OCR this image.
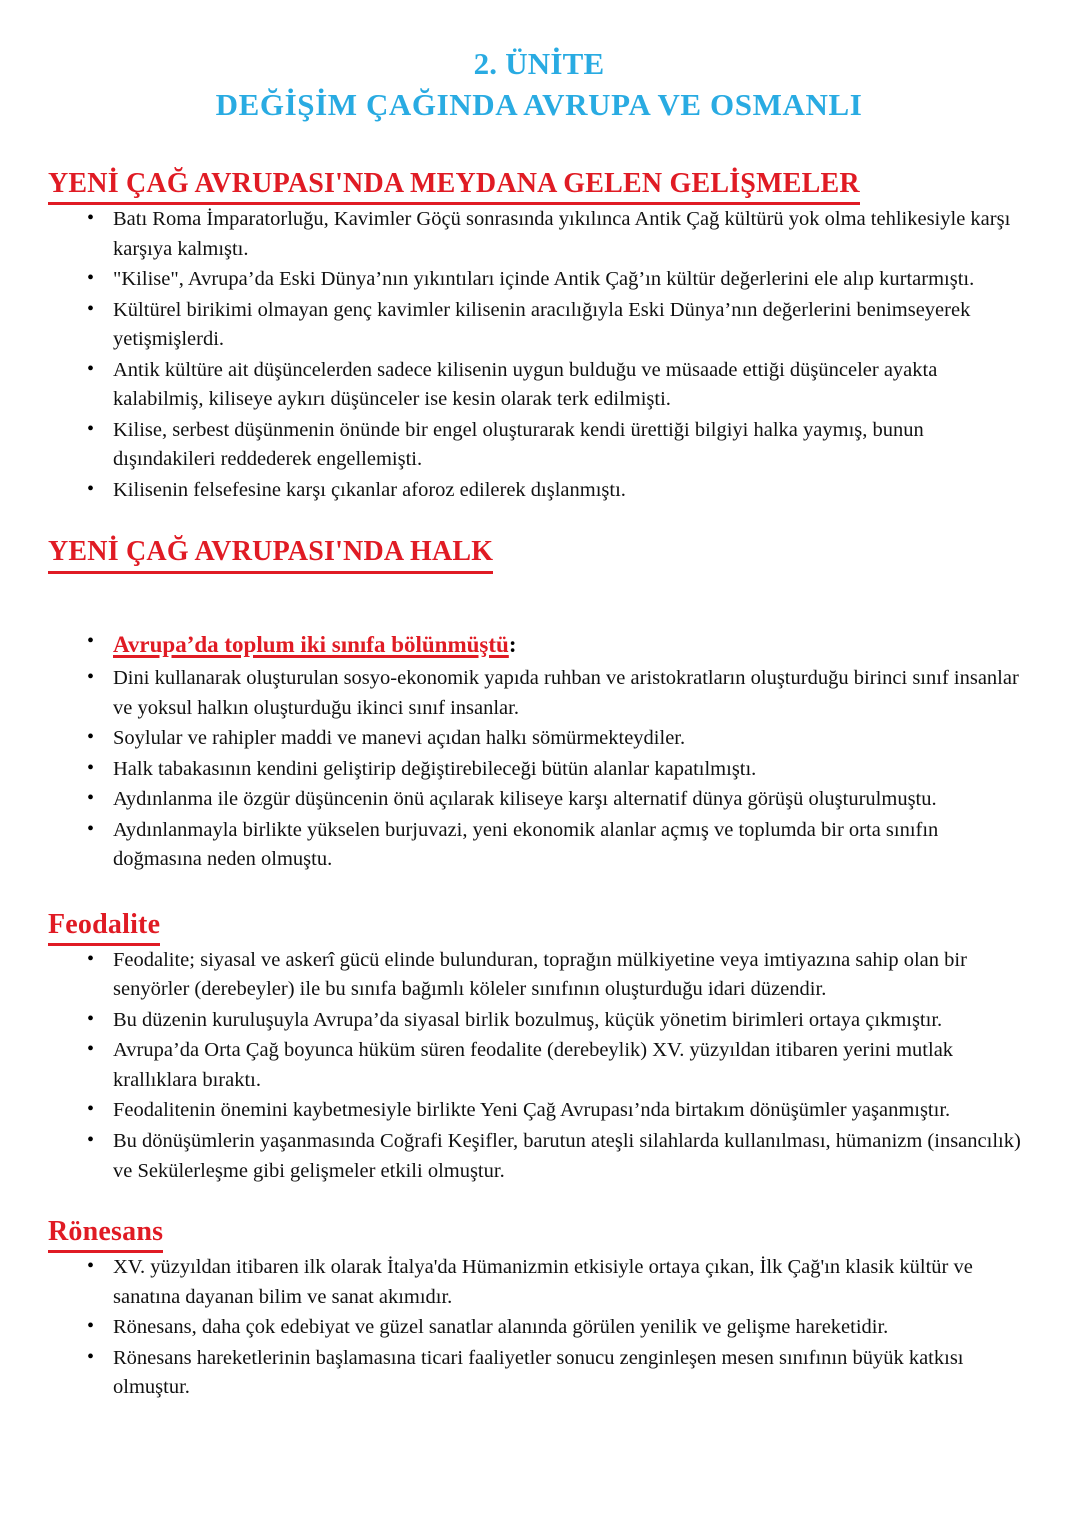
2. ÜNİTE
DEĞİŞİM ÇAĞINDA AVRUPA VE OSMANLI
YENİ ÇAĞ AVRUPASI'NDA MEYDANA GELEN GELİŞMELER
• Batı Roma İmparatorluğu, Kavimler Göçü sonrasında yıkılınca Antik Çağ kültürü yok olma tehlikesiyle karşı karşıya kalmıştı.
• "Kilise", Avrupa’da Eski Dünya’nın yıkıntıları içinde Antik Çağ’ın kültür değerlerini ele alıp kurtarmıştı.
• Kültürel birikimi olmayan genç kavimler kilisenin aracılığıyla Eski Dünya’nın değerlerini benimseyerek yetişmişlerdi.
• Antik kültüre ait düşüncelerden sadece kilisenin uygun bulduğu ve müsaade ettiği düşünceler ayakta kalabilmiş, kiliseye aykırı düşünceler ise kesin olarak terk edilmişti.
• Kilise, serbest düşünmenin önünde bir engel oluşturarak kendi ürettiği bilgiyi halka yaymış, bunun dışındakileri reddederek engellemişti.
• Kilisenin felsefesine karşı çıkanlar aforoz edilerek dışlanmıştı.
YENİ ÇAĞ AVRUPASI'NDA HALK
• Avrupa’da toplum iki sınıfa bölünmüştü:
• Dini kullanarak oluşturulan sosyo-ekonomik yapıda ruhban ve aristokratların oluşturduğu birinci sınıf insanlar ve yoksul halkın oluşturduğu ikinci sınıf insanlar.
• Soylular ve rahipler maddi ve manevi açıdan halkı sömürmekteydiler.
• Halk tabakasının kendini geliştirip değiştirebileceği bütün alanlar kapatılmıştı.
• Aydınlanma ile özgür düşüncenin önü açılarak kiliseye karşı alternatif dünya görüşü oluşturulmuştu.
• Aydınlanmayla birlikte yükselen burjuvazi, yeni ekonomik alanlar açmış ve toplumda bir orta sınıfın doğmasına neden olmuştu.
Feodalite
• Feodalite; siyasal ve askerî gücü elinde bulunduran, toprağın mülkiyetine veya imtiyazına sahip olan bir senyörler (derebeyler) ile bu sınıfa bağımlı köleler sınıfının oluşturduğu idari düzendir.
• Bu düzenin kuruluşuyla Avrupa’da siyasal birlik bozulmuş, küçük yönetim birimleri ortaya çıkmıştır.
• Avrupa’da Orta Çağ boyunca hüküm süren feodalite (derebeylik) XV. yüzyıldan itibaren yerini mutlak krallıklara bıraktı.
• Feodalitenin önemini kaybetmesiyle birlikte Yeni Çağ Avrupası’nda birtakım dönüşümler yaşanmıştır.
• Bu dönüşümlerin yaşanmasında Coğrafi Keşifler, barutun ateşli silahlarda kullanılması, hümanizm (insancılık) ve Sekülerleşme gibi gelişmeler etkili olmuştur.
Rönesans
• XV. yüzyıldan itibaren ilk olarak İtalya'da Hümanizmin etkisiyle ortaya çıkan, İlk Çağ'ın klasik kültür ve sanatına dayanan bilim ve sanat akımıdır.
• Rönesans, daha çok edebiyat ve güzel sanatlar alanında görülen yenilik ve gelişme hareketidir.
• Rönesans hareketlerinin başlamasına ticari faaliyetler sonucu zenginleşen mesen sınıfının büyük katkısı olmuştur.
